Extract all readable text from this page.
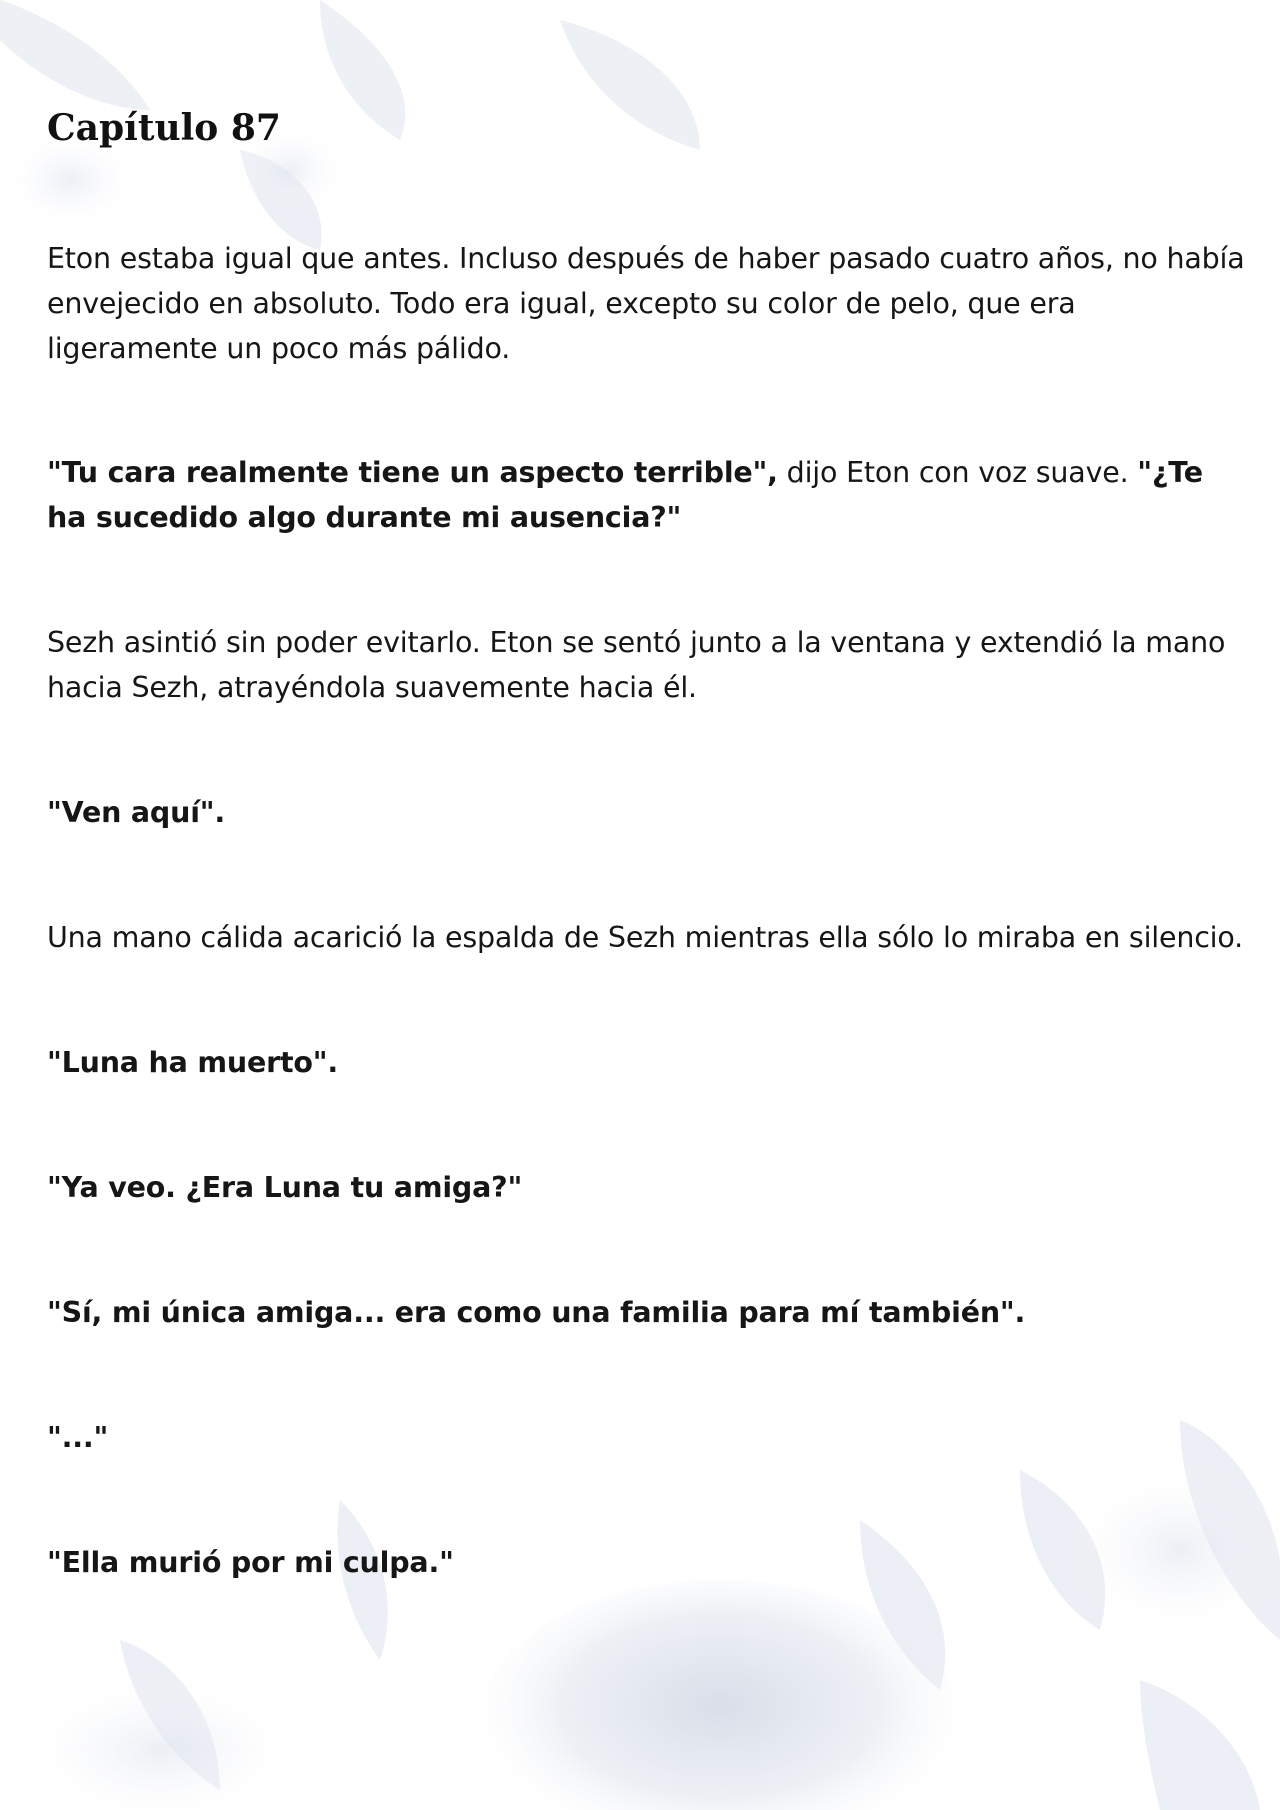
Capítulo 87

Eton estaba igual que antes. Incluso después de haber pasado cuatro años, no había envejecido en absoluto. Todo era igual, excepto su color de pelo, que era ligeramente un poco más pálido.

"Tu cara realmente tiene un aspecto terrible", dijo Eton con voz suave. "¿Te ha sucedido algo durante mi ausencia?"

Sezh asintió sin poder evitarlo. Eton se sentó junto a la ventana y extendió la mano hacia Sezh, atrayéndola suavemente hacia él.

"Ven aquí".

Una mano cálida acarició la espalda de Sezh mientras ella sólo lo miraba en silencio.

"Luna ha muerto".

"Ya veo. ¿Era Luna tu amiga?"

"Sí, mi única amiga... era como una familia para mí también".

"..."

"Ella murió por mi culpa."
